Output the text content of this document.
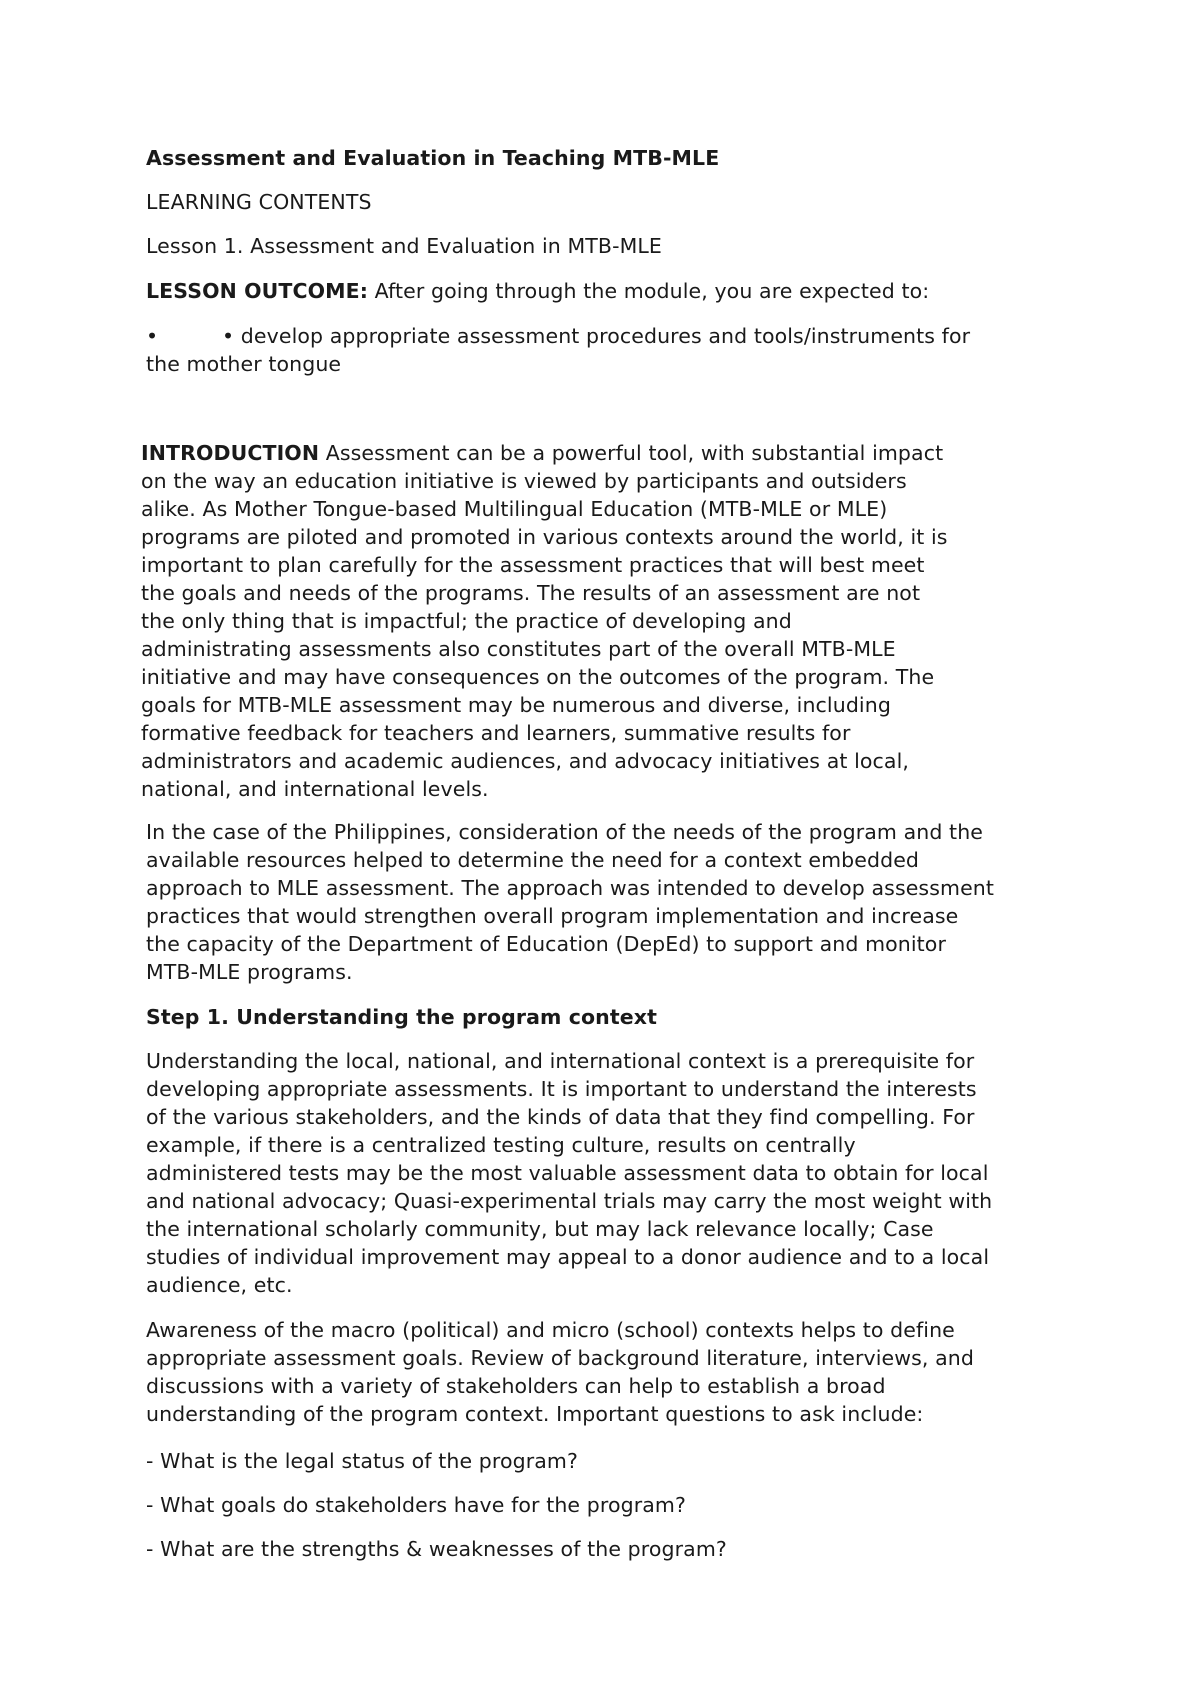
Assessment and Evaluation in Teaching MTB-MLE
LEARNING CONTENTS
Lesson 1. Assessment and Evaluation in MTB-MLE
LESSON OUTCOME: After going through the module, you are expected to:
•	• develop appropriate assessment procedures and tools/instruments for
the mother tongue
INTRODUCTION Assessment can be a powerful tool, with substantial impact
on the way an education initiative is viewed by participants and outsiders
alike. As Mother Tongue-based Multilingual Education (MTB-MLE or MLE)
programs are piloted and promoted in various contexts around the world, it is
important to plan carefully for the assessment practices that will best meet
the goals and needs of the programs. The results of an assessment are not
the only thing that is impactful; the practice of developing and
administrating assessments also constitutes part of the overall MTB-MLE
initiative and may have consequences on the outcomes of the program. The
goals for MTB-MLE assessment may be numerous and diverse, including
formative feedback for teachers and learners, summative results for
administrators and academic audiences, and advocacy initiatives at local,
national, and international levels.
In the case of the Philippines, consideration of the needs of the program and the
available resources helped to determine the need for a context embedded
approach to MLE assessment. The approach was intended to develop assessment
practices that would strengthen overall program implementation and increase
the capacity of the Department of Education (DepEd) to support and monitor
MTB-MLE programs.
Step 1. Understanding the program context
Understanding the local, national, and international context is a prerequisite for
developing appropriate assessments. It is important to understand the interests
of the various stakeholders, and the kinds of data that they find compelling. For
example, if there is a centralized testing culture, results on centrally
administered tests may be the most valuable assessment data to obtain for local
and national advocacy; Quasi-experimental trials may carry the most weight with
the international scholarly community, but may lack relevance locally; Case
studies of individual improvement may appeal to a donor audience and to a local
audience, etc.
Awareness of the macro (political) and micro (school) contexts helps to define
appropriate assessment goals. Review of background literature, interviews, and
discussions with a variety of stakeholders can help to establish a broad
understanding of the program context. Important questions to ask include:
- What is the legal status of the program?
- What goals do stakeholders have for the program?
- What are the strengths & weaknesses of the program?
